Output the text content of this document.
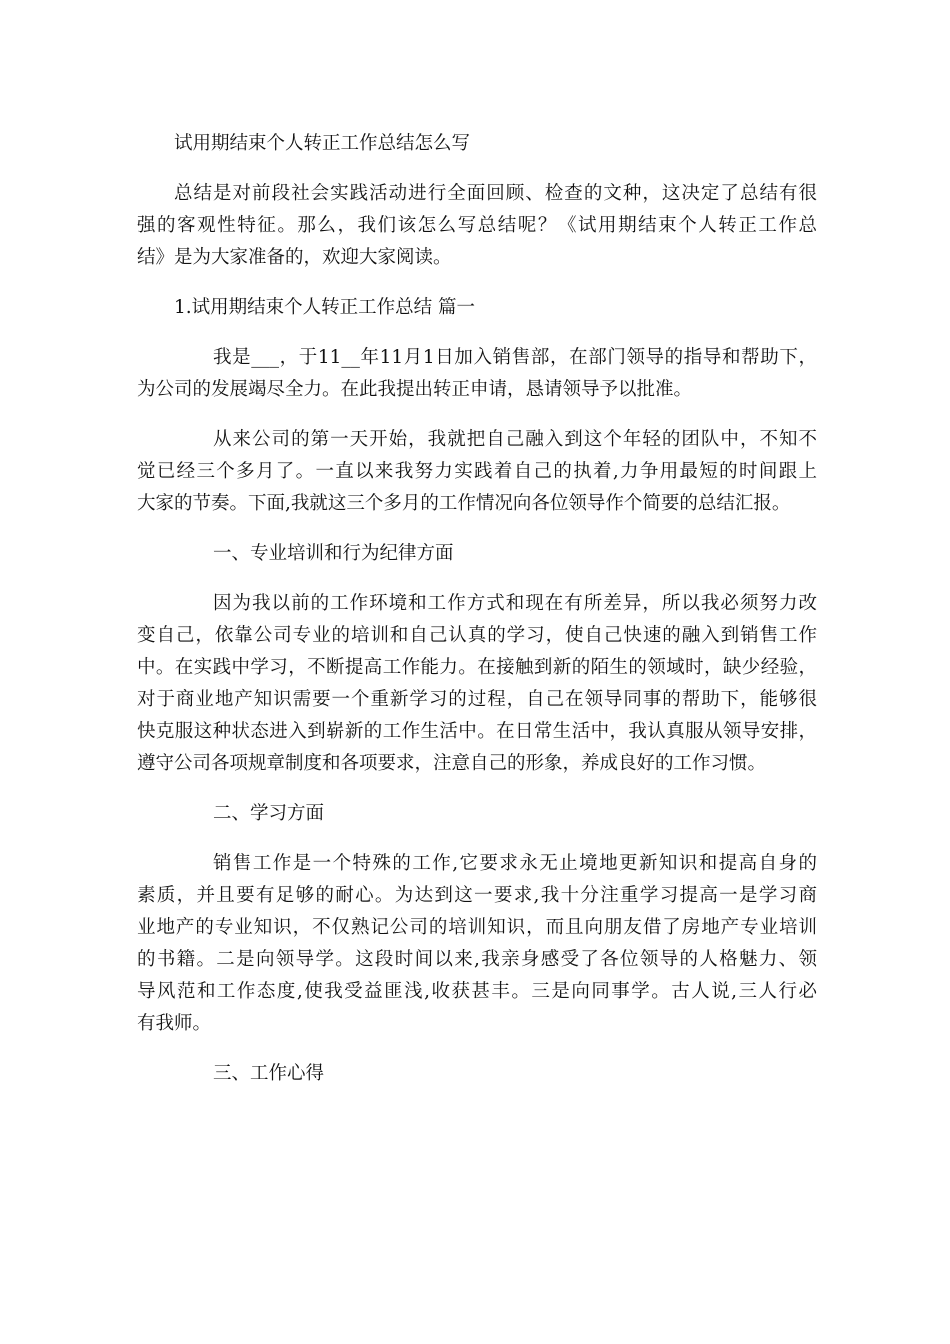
试用期结束个人转正工作总结怎么写

总结是对前段社会实践活动进行全面回顾、检查的文种，这决定了总结有很

强的客观性特征。那么，我们该怎么写总结呢？《试用期结束个人转正工作总

结》是为大家准备的，欢迎大家阅读。

1.试用期结束个人转正工作总结 篇一

我是___，于11__年11月1日加入销售部，在部门领导的指导和帮助下，

为公司的发展竭尽全力。在此我提出转正申请，恳请领导予以批准。

从来公司的第一天开始，我就把自己融入到这个年轻的团队中，不知不

觉已经三个多月了。一直以来我努力实践着自己的执着,力争用最短的时间跟上

大家的节奏。下面,我就这三个多月的工作情况向各位领导作个简要的总结汇报。

一、专业培训和行为纪律方面

因为我以前的工作环境和工作方式和现在有所差异，所以我必须努力改

变自己，依靠公司专业的培训和自己认真的学习，使自己快速的融入到销售工作

中。在实践中学习，不断提高工作能力。在接触到新的陌生的领域时，缺少经验，

对于商业地产知识需要一个重新学习的过程，自己在领导同事的帮助下，能够很

快克服这种状态进入到崭新的工作生活中。在日常生活中，我认真服从领导安排，

遵守公司各项规章制度和各项要求，注意自己的形象，养成良好的工作习惯。

二、学习方面

销售工作是一个特殊的工作,它要求永无止境地更新知识和提高自身的

素质，并且要有足够的耐心。为达到这一要求,我十分注重学习提高一是学习商

业地产的专业知识，不仅熟记公司的培训知识，而且向朋友借了房地产专业培训

的书籍。二是向领导学。这段时间以来,我亲身感受了各位领导的人格魅力、领

导风范和工作态度,使我受益匪浅,收获甚丰。三是向同事学。古人说,三人行必

有我师。

三、工作心得
